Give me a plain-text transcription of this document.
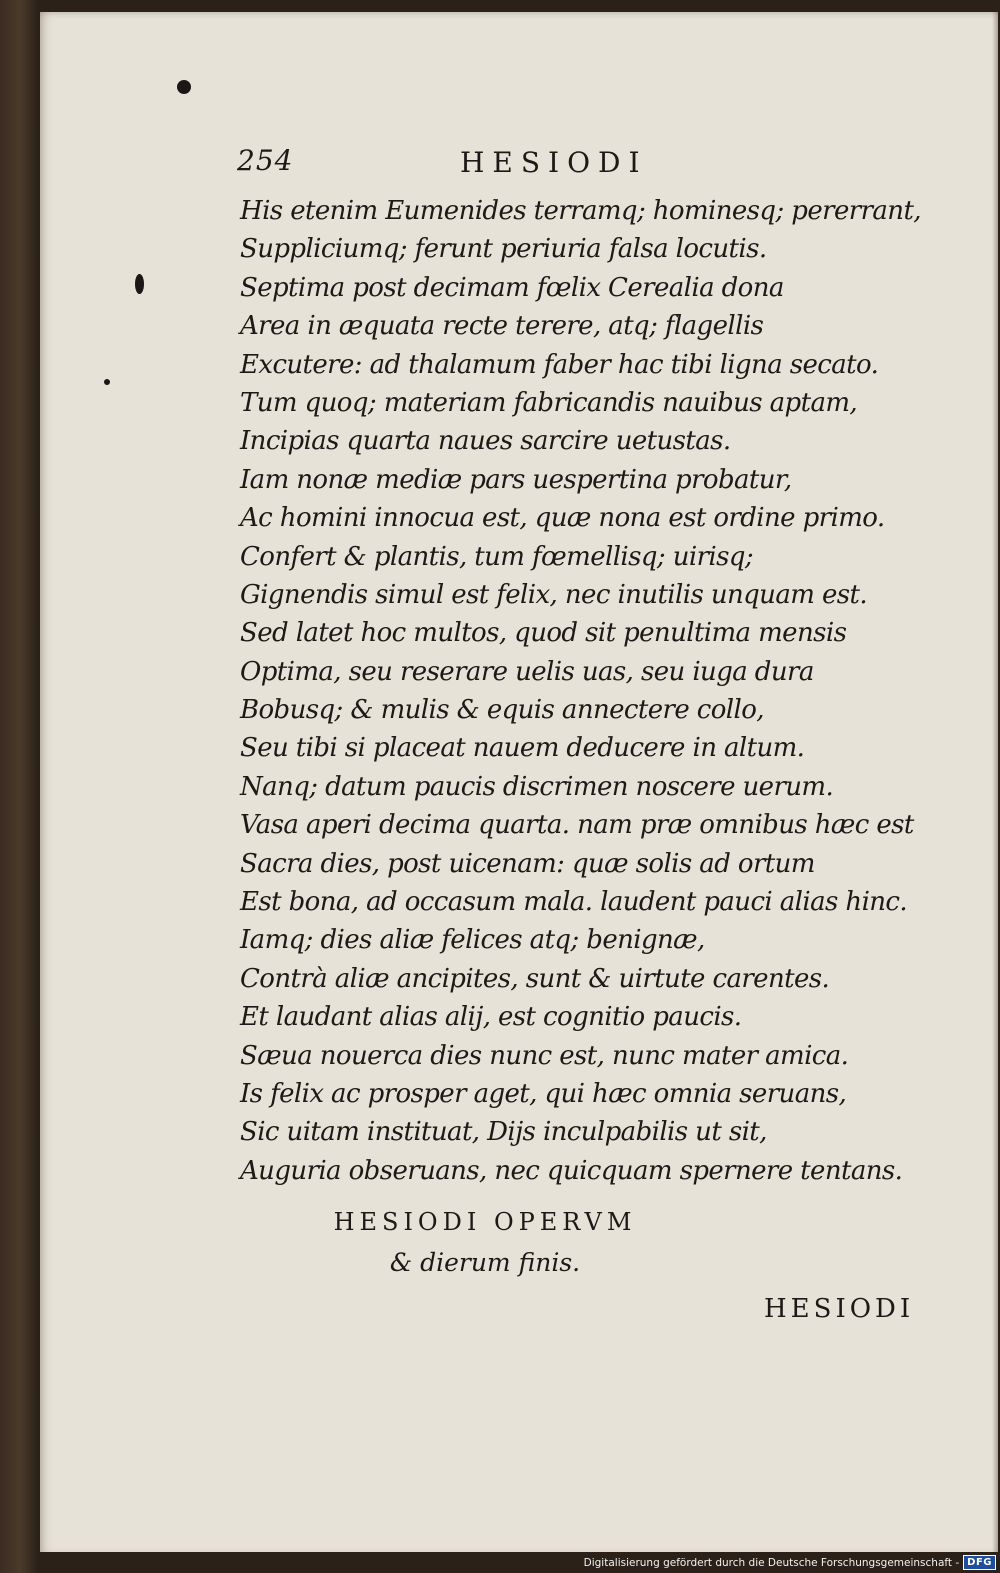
254	HESIODI
His etenim Eumenides terramq; hominesq; pererrant,
Suppliciumq; ferunt periuria falsa locutis.
Septima post decimam fœlix Cerealia dona
Area in æquata recte terere, atq; flagellis
Excutere: ad thalamum faber hac tibi ligna secato.
Tum quoq; materiam fabricandis nauibus aptam,
Incipias quarta naues sarcire uetustas.
Iam nonæ mediæ pars uespertina probatur,
Ac homini innocua est, quæ nona est ordine primo.
Confert & plantis, tum fœmellisq; uirisq;
Gignendis simul est felix, nec inutilis unquam est.
Sed latet hoc multos, quod sit penultima mensis
Optima, seu reserare uelis uas, seu iuga dura
Bobusq; & mulis & equis annectere collo,
Seu tibi si placeat nauem deducere in altum.
Nanq; datum paucis discrimen noscere uerum.
Vasa aperi decima quarta. nam præ omnibus hæc est
Sacra dies, post uicenam: quæ solis ad ortum
Est bona, ad occasum mala. laudent pauci alias hinc.
Iamq; dies aliæ felices atq; benignæ,
Contrà aliæ ancipites, sunt & uirtute carentes.
Et laudant alias alij, est cognitio paucis.
Sæua nouerca dies nunc est, nunc mater amica.
Is felix ac prosper aget, qui hæc omnia seruans,
Sic uitam instituat, Dijs inculpabilis ut sit,
Auguria obseruans, nec quicquam spernere tentans.
HESIODI OPERVM
& dierum finis.
HESIODI
Digitalisierung gefördert durch die Deutsche Forschungsgemeinschaft - DFG
